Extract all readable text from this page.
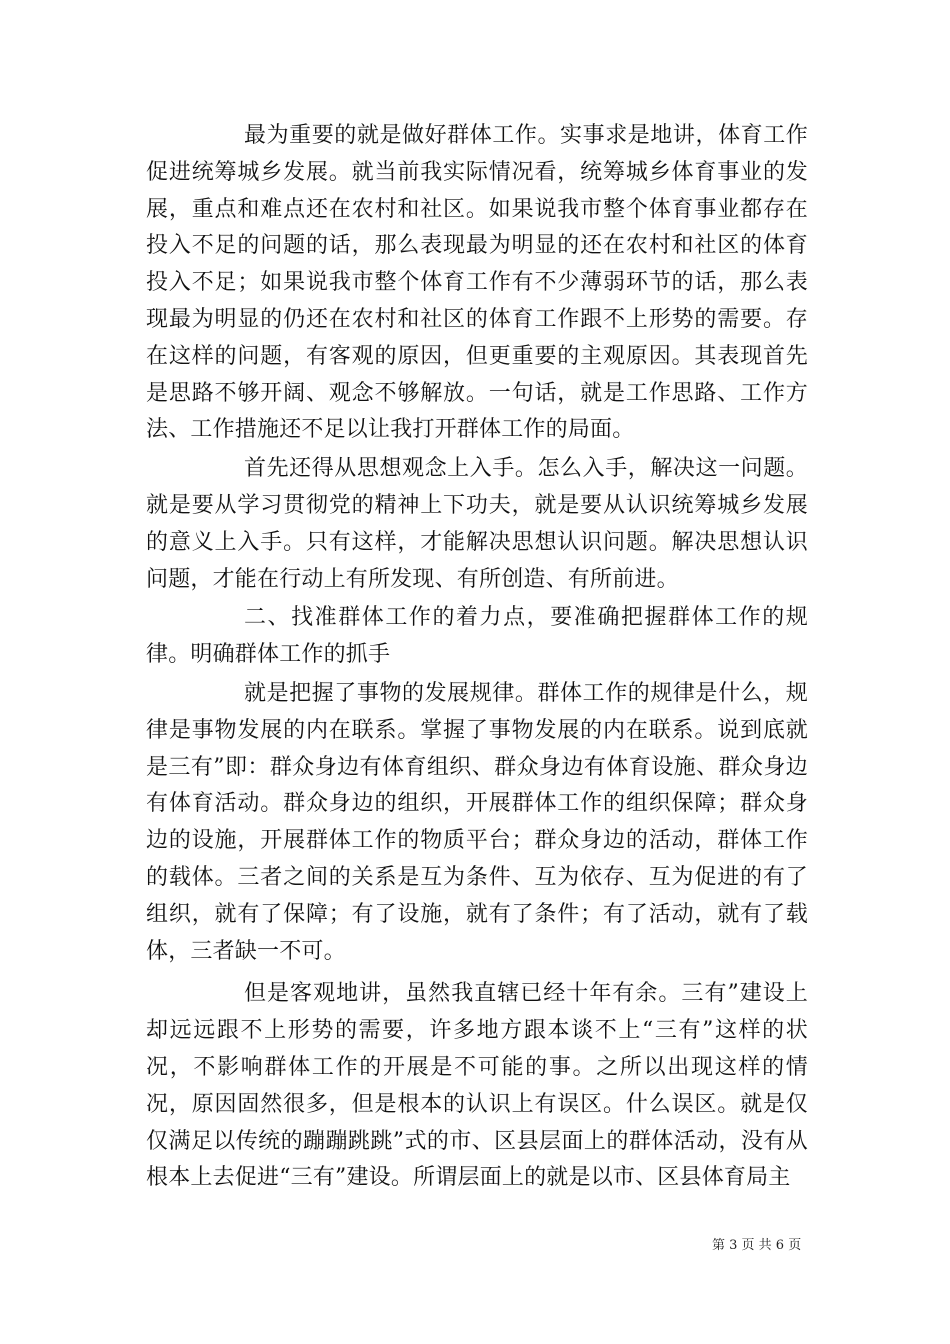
最为重要的就是做好群体工作。实事求是地讲，体育工作促进统筹城乡发展。就当前我实际情况看，统筹城乡体育事业的发展，重点和难点还在农村和社区。如果说我市整个体育事业都存在投入不足的问题的话，那么表现最为明显的还在农村和社区的体育投入不足；如果说我市整个体育工作有不少薄弱环节的话，那么表现最为明显的仍还在农村和社区的体育工作跟不上形势的需要。存在这样的问题，有客观的原因，但更重要的主观原因。其表现首先是思路不够开阔、观念不够解放。一句话，就是工作思路、工作方法、工作措施还不足以让我打开群体工作的局面。

首先还得从思想观念上入手。怎么入手，解决这一问题。就是要从学习贯彻党的精神上下功夫，就是要从认识统筹城乡发展的意义上入手。只有这样，才能解决思想认识问题。解决思想认识问题，才能在行动上有所发现、有所创造、有所前进。

二、找准群体工作的着力点，要准确把握群体工作的规律。明确群体工作的抓手

就是把握了事物的发展规律。群体工作的规律是什么，规律是事物发展的内在联系。掌握了事物发展的内在联系。说到底就是三有”即：群众身边有体育组织、群众身边有体育设施、群众身边有体育活动。群众身边的组织，开展群体工作的组织保障；群众身边的设施，开展群体工作的物质平台；群众身边的活动，群体工作的载体。三者之间的关系是互为条件、互为依存、互为促进的有了组织，就有了保障；有了设施，就有了条件；有了活动，就有了载体，三者缺一不可。

但是客观地讲，虽然我直辖已经十年有余。三有”建设上却远远跟不上形势的需要，许多地方跟本谈不上“三有”这样的状况，不影响群体工作的开展是不可能的事。之所以出现这样的情况，原因固然很多，但是根本的认识上有误区。什么误区。就是仅仅满足以传统的蹦蹦跳跳”式的市、区县层面上的群体活动，没有从根本上去促进“三有”建设。所谓层面上的就是以市、区县体育局主

第 3 页 共 6 页
